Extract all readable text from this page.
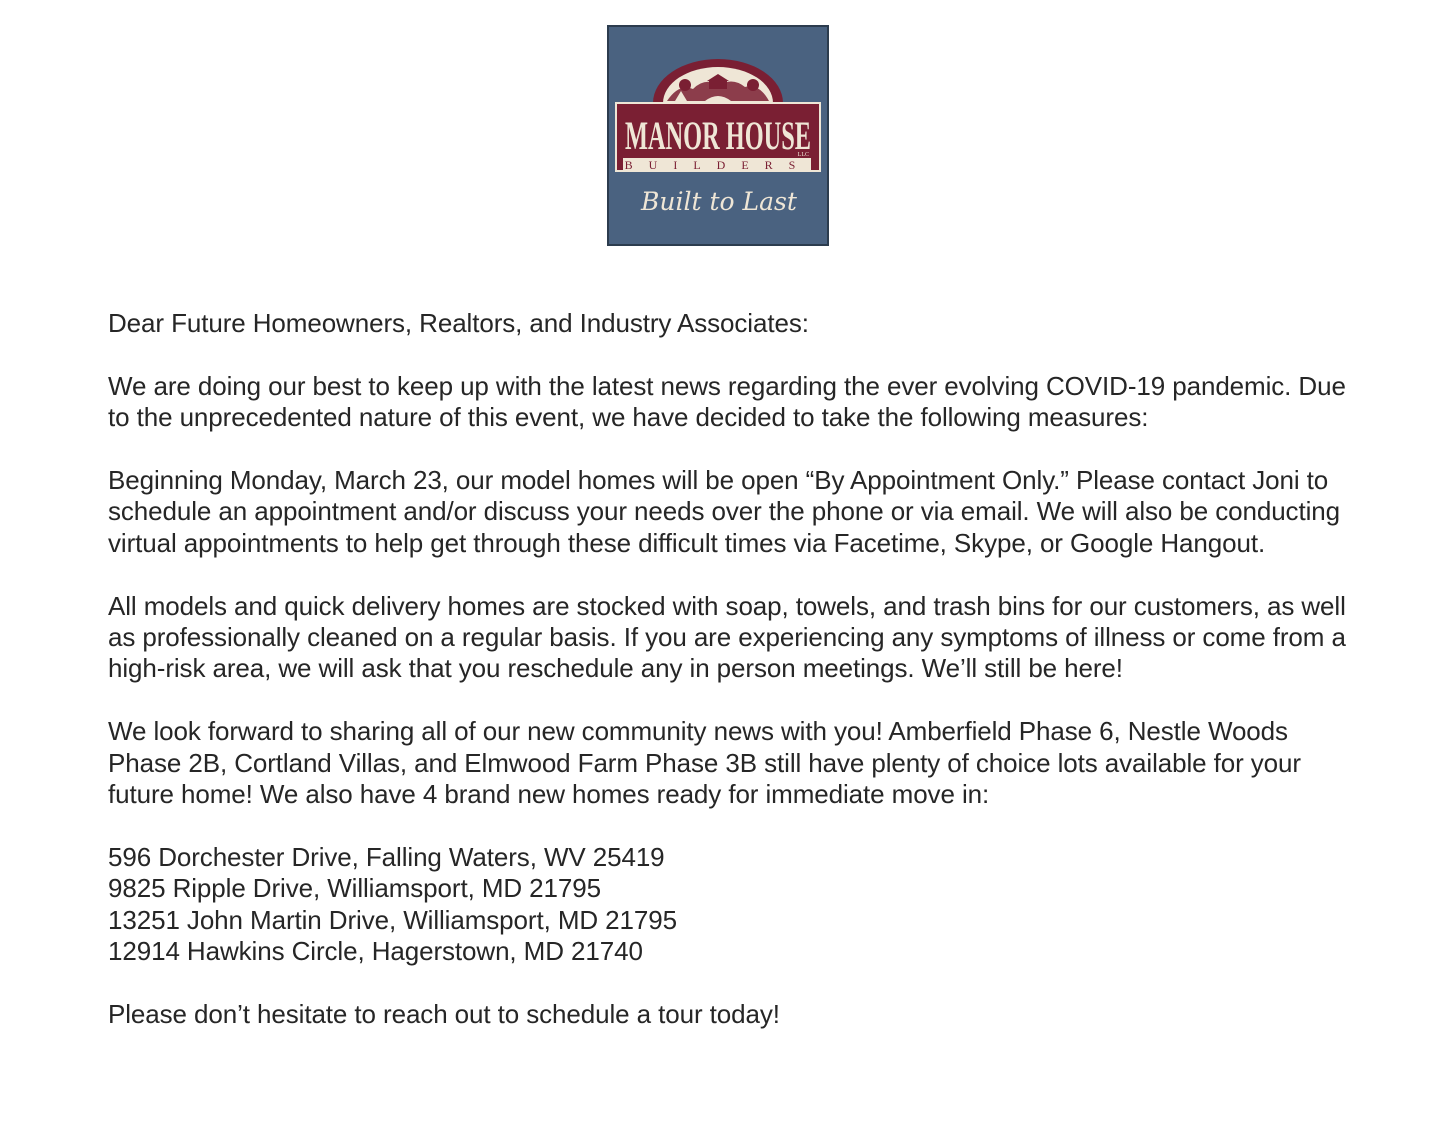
MANOR HOUSE
BUILDERS
LLC
Built to Last

Dear Future Homeowners, Realtors, and Industry Associates:

We are doing our best to keep up with the latest news regarding the ever evolving COVID-19 pandemic. Due to the unprecedented nature of this event, we have decided to take the following measures:

Beginning Monday, March 23, our model homes will be open “By Appointment Only.” Please contact Joni to schedule an appointment and/or discuss your needs over the phone or via email. We will also be conducting virtual appointments to help get through these difficult times via Facetime, Skype, or Google Hangout.

All models and quick delivery homes are stocked with soap, towels, and trash bins for our customers, as well as professionally cleaned on a regular basis. If you are experiencing any symptoms of illness or come from a high-risk area, we will ask that you reschedule any in person meetings. We’ll still be here!

We look forward to sharing all of our new community news with you! Amberfield Phase 6, Nestle Woods Phase 2B, Cortland Villas, and Elmwood Farm Phase 3B still have plenty of choice lots available for your future home! We also have 4 brand new homes ready for immediate move in:

596 Dorchester Drive, Falling Waters, WV 25419
9825 Ripple Drive, Williamsport, MD 21795
13251 John Martin Drive, Williamsport, MD 21795
12914 Hawkins Circle, Hagerstown, MD 21740

Please don’t hesitate to reach out to schedule a tour today!
